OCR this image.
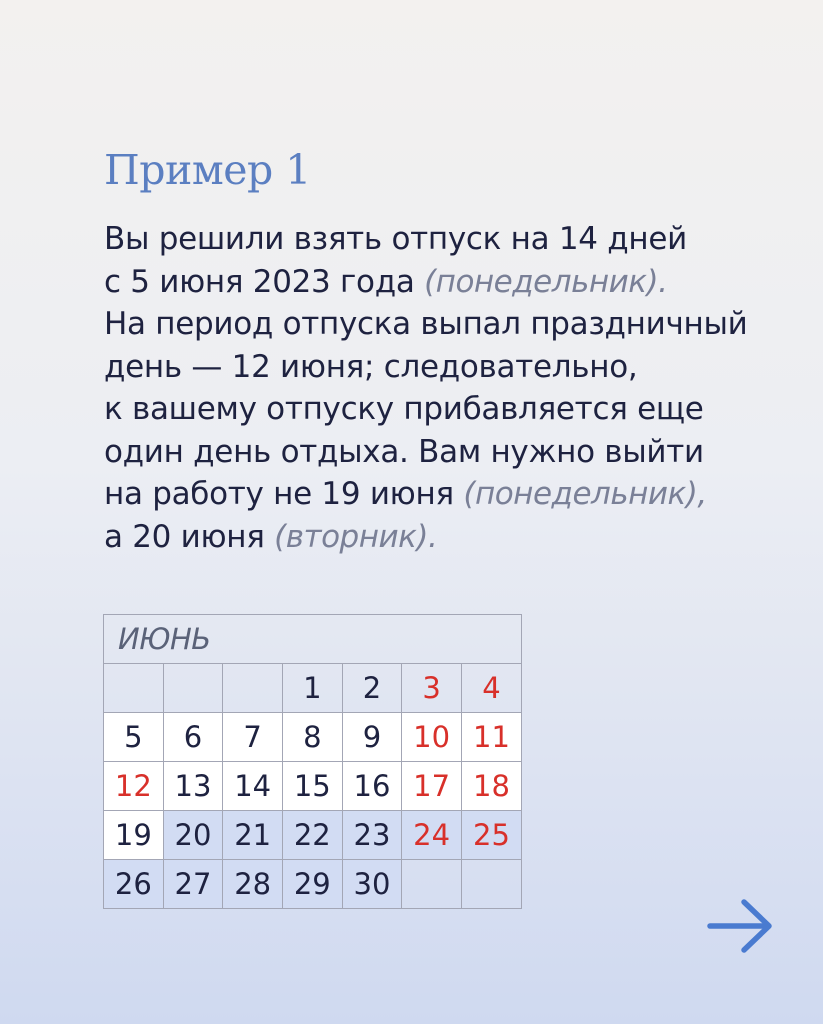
Пример 1
Вы решили взять отпуск на 14 дней
с 5 июня 2023 года (понедельник).
На период отпуска выпал праздничный
день — 12 июня; следовательно,
к вашему отпуску прибавляется еще
один день отдыха. Вам нужно выйти
на работу не 19 июня (понедельник),
а 20 июня (вторник).
ИЮНЬ						
			1	2	3	4
5	6	7	8	9	10	11
12	13	14	15	16	17	18
19	20	21	22	23	24	25
26	27	28	29	30		
